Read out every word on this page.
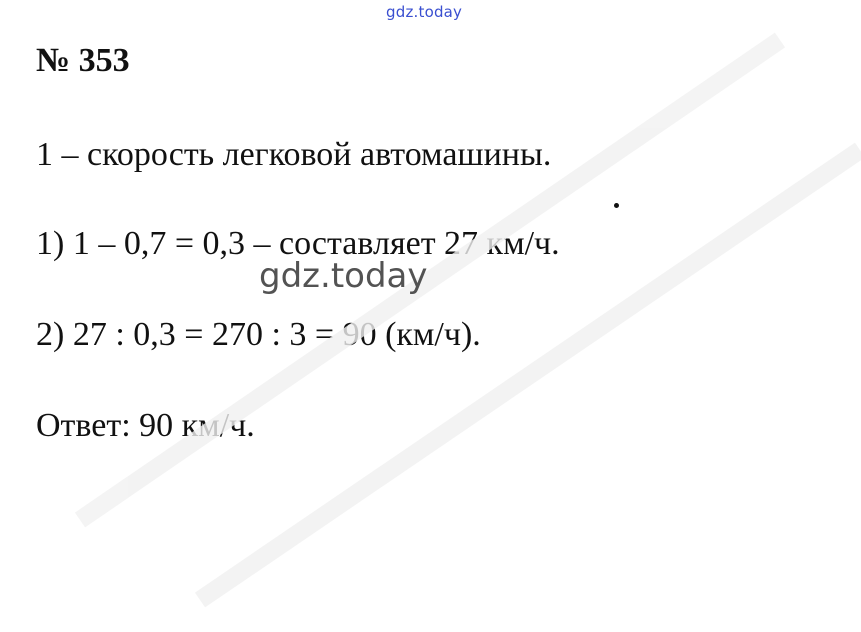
gdz.today
№ 353
1 – скорость легковой автомашины.
1) 1 – 0,7 = 0,3 – составляет 27 км/ч.
gdz.today
2) 27 : 0,3 = 270 : 3 = 90 (км/ч).
Ответ: 90 км/ч.
